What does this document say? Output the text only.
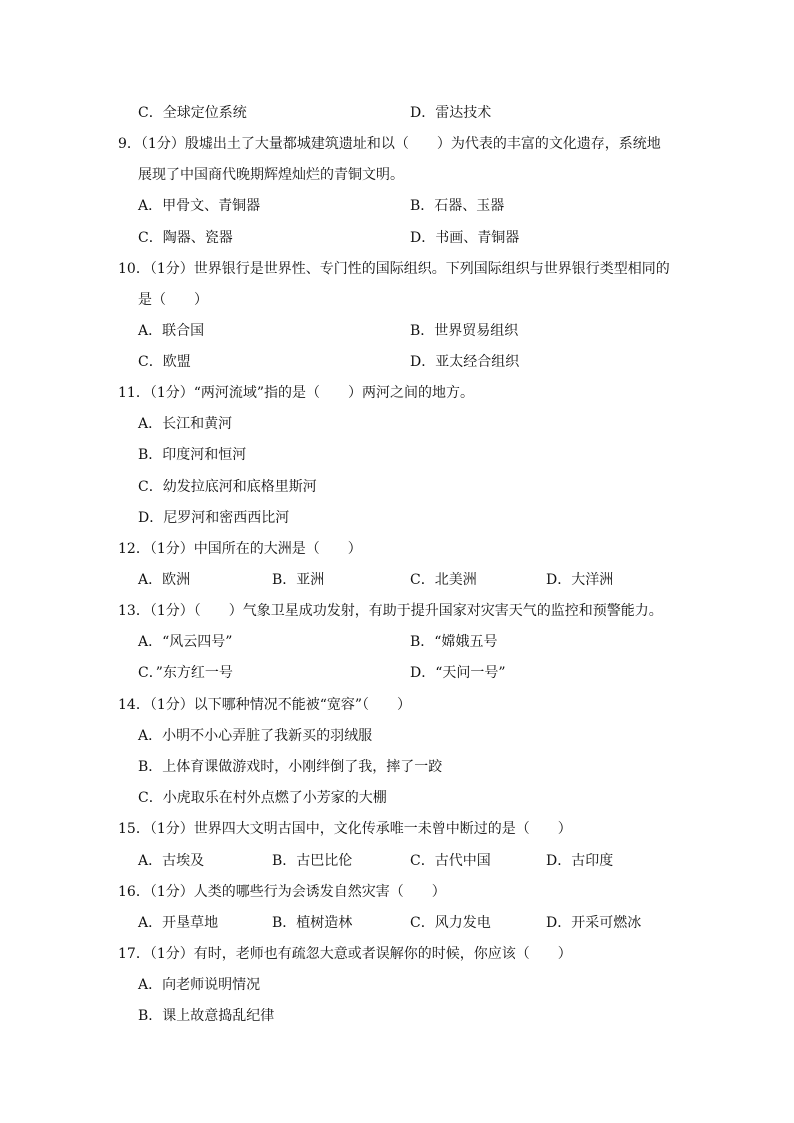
C．全球定位系统	D．雷达技术
9．（1分）殷墟出土了大量都城建筑遗址和以（　　）为代表的丰富的文化遗存，系统地
展现了中国商代晚期辉煌灿烂的青铜文明。
A．甲骨文、青铜器	B．石器、玉器
C．陶器、瓷器	D．书画、青铜器
10．（1分）世界银行是世界性、专门性的国际组织。下列国际组织与世界银行类型相同的
是（　　）
A．联合国	B．世界贸易组织
C．欧盟	D．亚太经合组织
11．（1分）“两河流域”指的是（　　）两河之间的地方。
A．长江和黄河
B．印度河和恒河
C．幼发拉底河和底格里斯河
D．尼罗河和密西西比河
12．（1分）中国所在的大洲是（　　）
A．欧洲	B．亚洲	C．北美洲	D．大洋洲
13．（1分）（　　）气象卫星成功发射，有助于提升国家对灾害天气的监控和预警能力。
A．“风云四号”	B．“嫦娥五号
C．”东方红一号	D．“天问一号”
14．（1分）以下哪种情况不能被“宽容”（　　）
A．小明不小心弄脏了我新买的羽绒服
B．上体育课做游戏时，小刚绊倒了我，摔了一跤
C．小虎取乐在村外点燃了小芳家的大棚
15．（1分）世界四大文明古国中，文化传承唯一未曾中断过的是（　　）
A．古埃及	B．古巴比伦	C．古代中国	D．古印度
16．（1分）人类的哪些行为会诱发自然灾害（　　）
A．开垦草地	B．植树造林	C．风力发电	D．开采可燃冰
17．（1分）有时，老师也有疏忽大意或者误解你的时候，你应该（　　）
A．向老师说明情况
B．课上故意捣乱纪律
